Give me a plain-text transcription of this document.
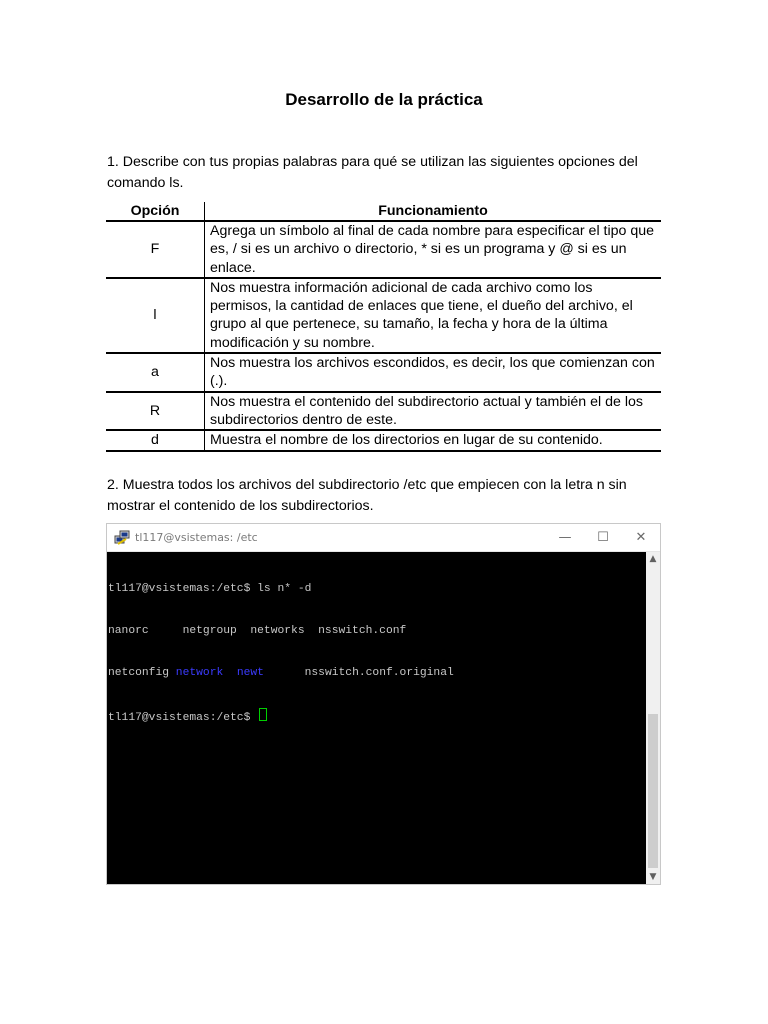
Desarrollo de la práctica
1. Describe con tus propias palabras para qué se utilizan las siguientes opciones del comando ls.
Opción	Funcionamiento
F	Agrega un símbolo al final de cada nombre para especificar el tipo que es, / si es un archivo o directorio, * si es un programa y @ si es un enlace.
l	Nos muestra información adicional de cada archivo como los permisos, la cantidad de enlaces que tiene, el dueño del archivo, el grupo al que pertenece, su tamaño, la fecha y hora de la última modificación y su nombre.
a	Nos muestra los archivos escondidos, es decir, los que comienzan con (.).
R	Nos muestra el contenido del subdirectorio actual y también el de los subdirectorios dentro de este.
d	Muestra el nombre de los directorios en lugar de su contenido.
2. Muestra todos los archivos del subdirectorio /etc que empiecen con la letra n sin mostrar el contenido de los subdirectorios.
tl117@vsistemas: /etc	—	☐	✕

tl117@vsistemas:/etc$ ls n* -d

nanorc     netgroup  networks  nsswitch.conf

netconfig network newt      nsswitch.conf.original

tl117@vsistemas:/etc$

▲
▼
